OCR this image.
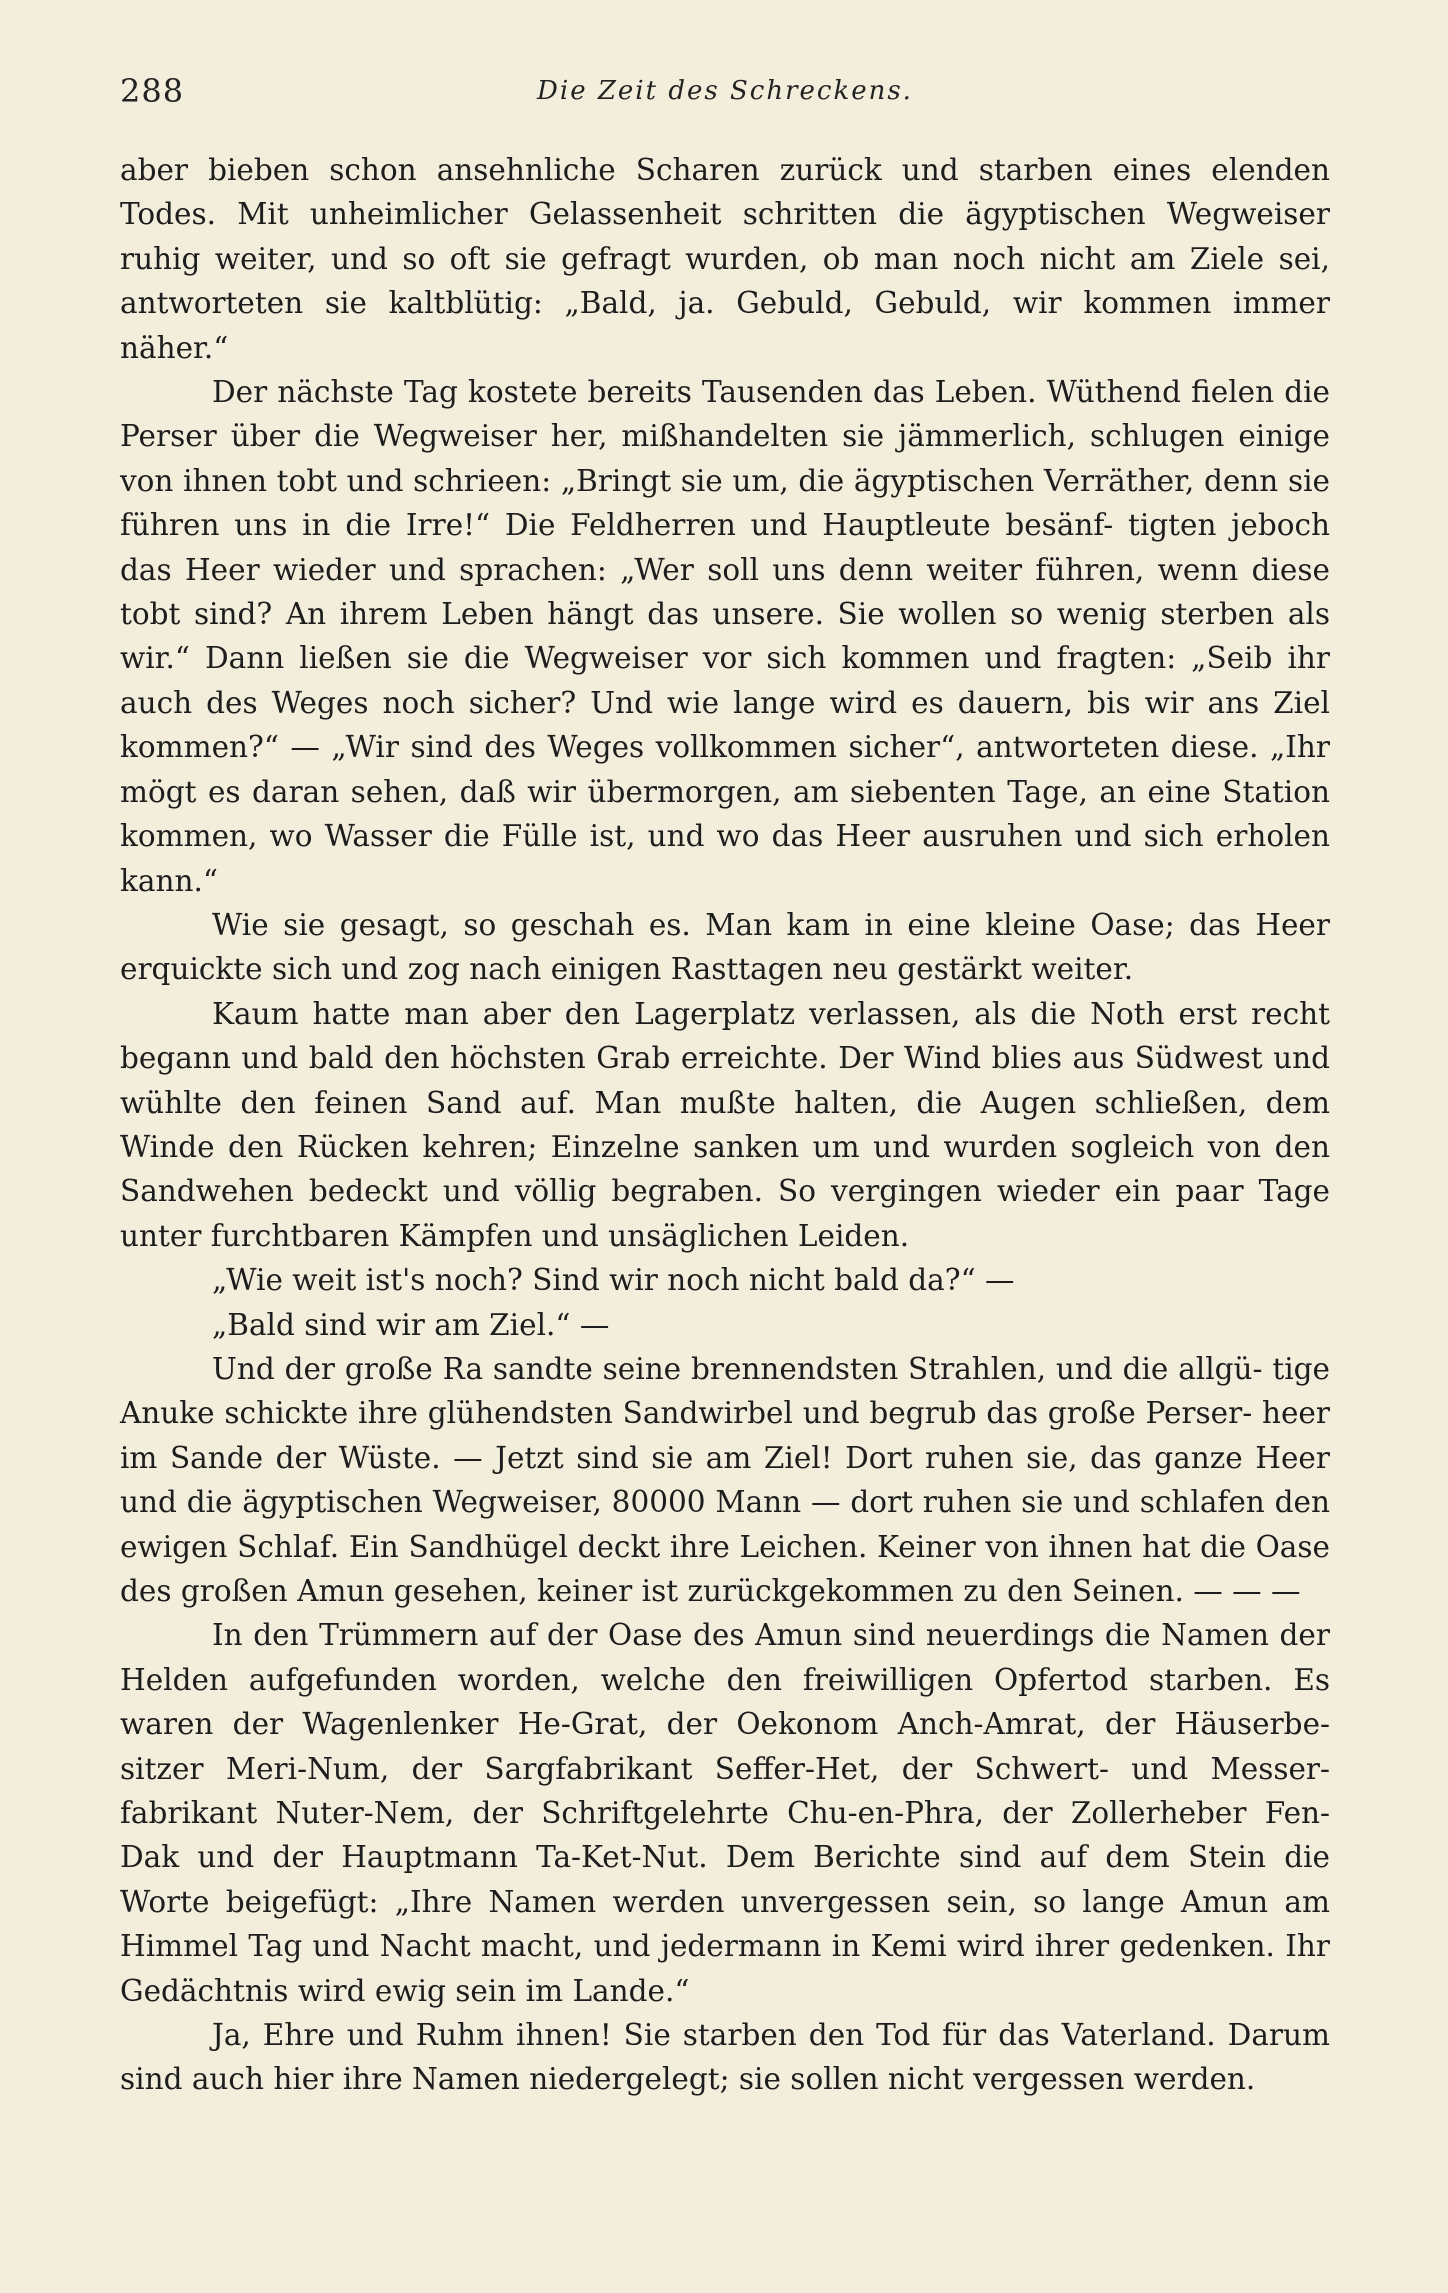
288	Die Zeit des Schreckens.

aber bieben schon ansehnliche Scharen zurück und starben eines elenden Todes. Mit unheimlicher Gelassenheit schritten die ägyptischen Wegweiser ruhig weiter, und so oft sie gefragt wurden, ob man noch nicht am Ziele sei, antworteten sie kaltblütig: „Bald, ja. Gebuld, Gebuld, wir kommen immer näher.“

Der nächste Tag kostete bereits Tausenden das Leben. Wüthend fielen die Perser über die Wegweiser her, mißhandelten sie jämmerlich, schlugen einige von ihnen tobt und schrieen: „Bringt sie um, die ägyptischen Verräther, denn sie führen uns in die Irre!“ Die Feldherren und Hauptleute besänf- tigten jeboch das Heer wieder und sprachen: „Wer soll uns denn weiter führen, wenn diese tobt sind? An ihrem Leben hängt das unsere. Sie wollen so wenig sterben als wir.“ Dann ließen sie die Wegweiser vor sich kommen und fragten: „Seib ihr auch des Weges noch sicher? Und wie lange wird es dauern, bis wir ans Ziel kommen?“ — „Wir sind des Weges vollkommen sicher“, antworteten diese. „Ihr mögt es daran sehen, daß wir übermorgen, am siebenten Tage, an eine Station kommen, wo Wasser die Fülle ist, und wo das Heer ausruhen und sich erholen kann.“

Wie sie gesagt, so geschah es. Man kam in eine kleine Oase; das Heer erquickte sich und zog nach einigen Rasttagen neu gestärkt weiter.

Kaum hatte man aber den Lagerplatz verlassen, als die Noth erst recht begann und bald den höchsten Grab erreichte. Der Wind blies aus Südwest und wühlte den feinen Sand auf. Man mußte halten, die Augen schließen, dem Winde den Rücken kehren; Einzelne sanken um und wurden sogleich von den Sandwehen bedeckt und völlig begraben. So vergingen wieder ein paar Tage unter furchtbaren Kämpfen und unsäglichen Leiden.

„Wie weit ist's noch? Sind wir noch nicht bald da?“ —

„Bald sind wir am Ziel.“ —

Und der große Ra sandte seine brennendsten Strahlen, und die allgü- tige Anuke schickte ihre glühendsten Sandwirbel und begrub das große Perser- heer im Sande der Wüste. — Jetzt sind sie am Ziel! Dort ruhen sie, das ganze Heer und die ägyptischen Wegweiser, 80000 Mann — dort ruhen sie und schlafen den ewigen Schlaf. Ein Sandhügel deckt ihre Leichen. Keiner von ihnen hat die Oase des großen Amun gesehen, keiner ist zurückgekommen zu den Seinen. — — —

In den Trümmern auf der Oase des Amun sind neuerdings die Namen der Helden aufgefunden worden, welche den freiwilligen Opfertod starben. Es waren der Wagenlenker He-Grat, der Oekonom Anch-Amrat, der Häuserbe- sitzer Meri-Num, der Sargfabrikant Seffer-Het, der Schwert- und Messer- fabrikant Nuter-Nem, der Schriftgelehrte Chu-en-Phra, der Zollerheber Fen- Dak und der Hauptmann Ta-Ket-Nut. Dem Berichte sind auf dem Stein die Worte beigefügt: „Ihre Namen werden unvergessen sein, so lange Amun am Himmel Tag und Nacht macht, und jedermann in Kemi wird ihrer gedenken. Ihr Gedächtnis wird ewig sein im Lande.“

Ja, Ehre und Ruhm ihnen! Sie starben den Tod für das Vaterland. Darum sind auch hier ihre Namen niedergelegt; sie sollen nicht vergessen werden.
